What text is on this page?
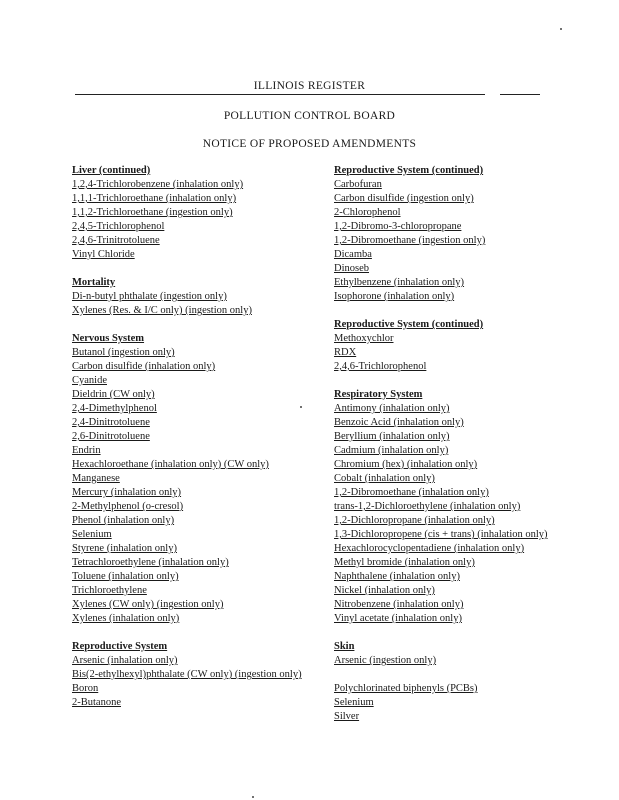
ILLINOIS REGISTER
POLLUTION CONTROL BOARD
NOTICE OF PROPOSED AMENDMENTS
Liver (continued)
1,2,4-Trichlorobenzene (inhalation only)
1,1,1-Trichloroethane (inhalation only)
1,1,2-Trichloroethane (ingestion only)
2,4,5-Trichlorophenol
2,4,6-Trinitrotoluene
Vinyl Chloride
Mortality
Di-n-butyl phthalate (ingestion only)
Xylenes (Res. & I/C only) (ingestion only)
Nervous System
Butanol (ingestion only)
Carbon disulfide (inhalation only)
Cyanide
Dieldrin (CW only)
2,4-Dimethylphenol
2,4-Dinitrotoluene
2,6-Dinitrotoluene
Endrin
Hexachloroethane (inhalation only) (CW only)
Manganese
Mercury (inhalation only)
2-Methylphenol (o-cresol)
Phenol (inhalation only)
Selenium
Styrene (inhalation only)
Tetrachloroethylene (inhalation only)
Toluene (inhalation only)
Trichloroethylene
Xylenes (CW only) (ingestion only)
Xylenes (inhalation only)
Reproductive System
Arsenic (inhalation only)
Bis(2-ethylhexyl)phthalate (CW only) (ingestion only)
Boron
2-Butanone
Reproductive System (continued)
Carbofuran
Carbon disulfide (ingestion only)
2-Chlorophenol
1,2-Dibromo-3-chloropropane
1,2-Dibromoethane (ingestion only)
Dicamba
Dinoseb
Ethylbenzene (inhalation only)
Isophorone (inhalation only)
Reproductive System (continued)
Methoxychlor
RDX
2,4,6-Trichlorophenol
Respiratory System
Antimony (inhalation only)
Benzoic Acid (inhalation only)
Beryllium (inhalation only)
Cadmium (inhalation only)
Chromium (hex) (inhalation only)
Cobalt (inhalation only)
1,2-Dibromoethane (inhalation only)
trans-1,2-Dichloroethylene (inhalation only)
1,2-Dichloropropane (inhalation only)
1,3-Dichloropropene (cis + trans) (inhalation only)
Hexachlorocyclopentadiene (inhalation only)
Methyl bromide (inhalation only)
Naphthalene (inhalation only)
Nickel (inhalation only)
Nitrobenzene (inhalation only)
Vinyl acetate (inhalation only)
Skin
Arsenic (ingestion only)

Polychlorinated biphenyls (PCBs)
Selenium
Silver
